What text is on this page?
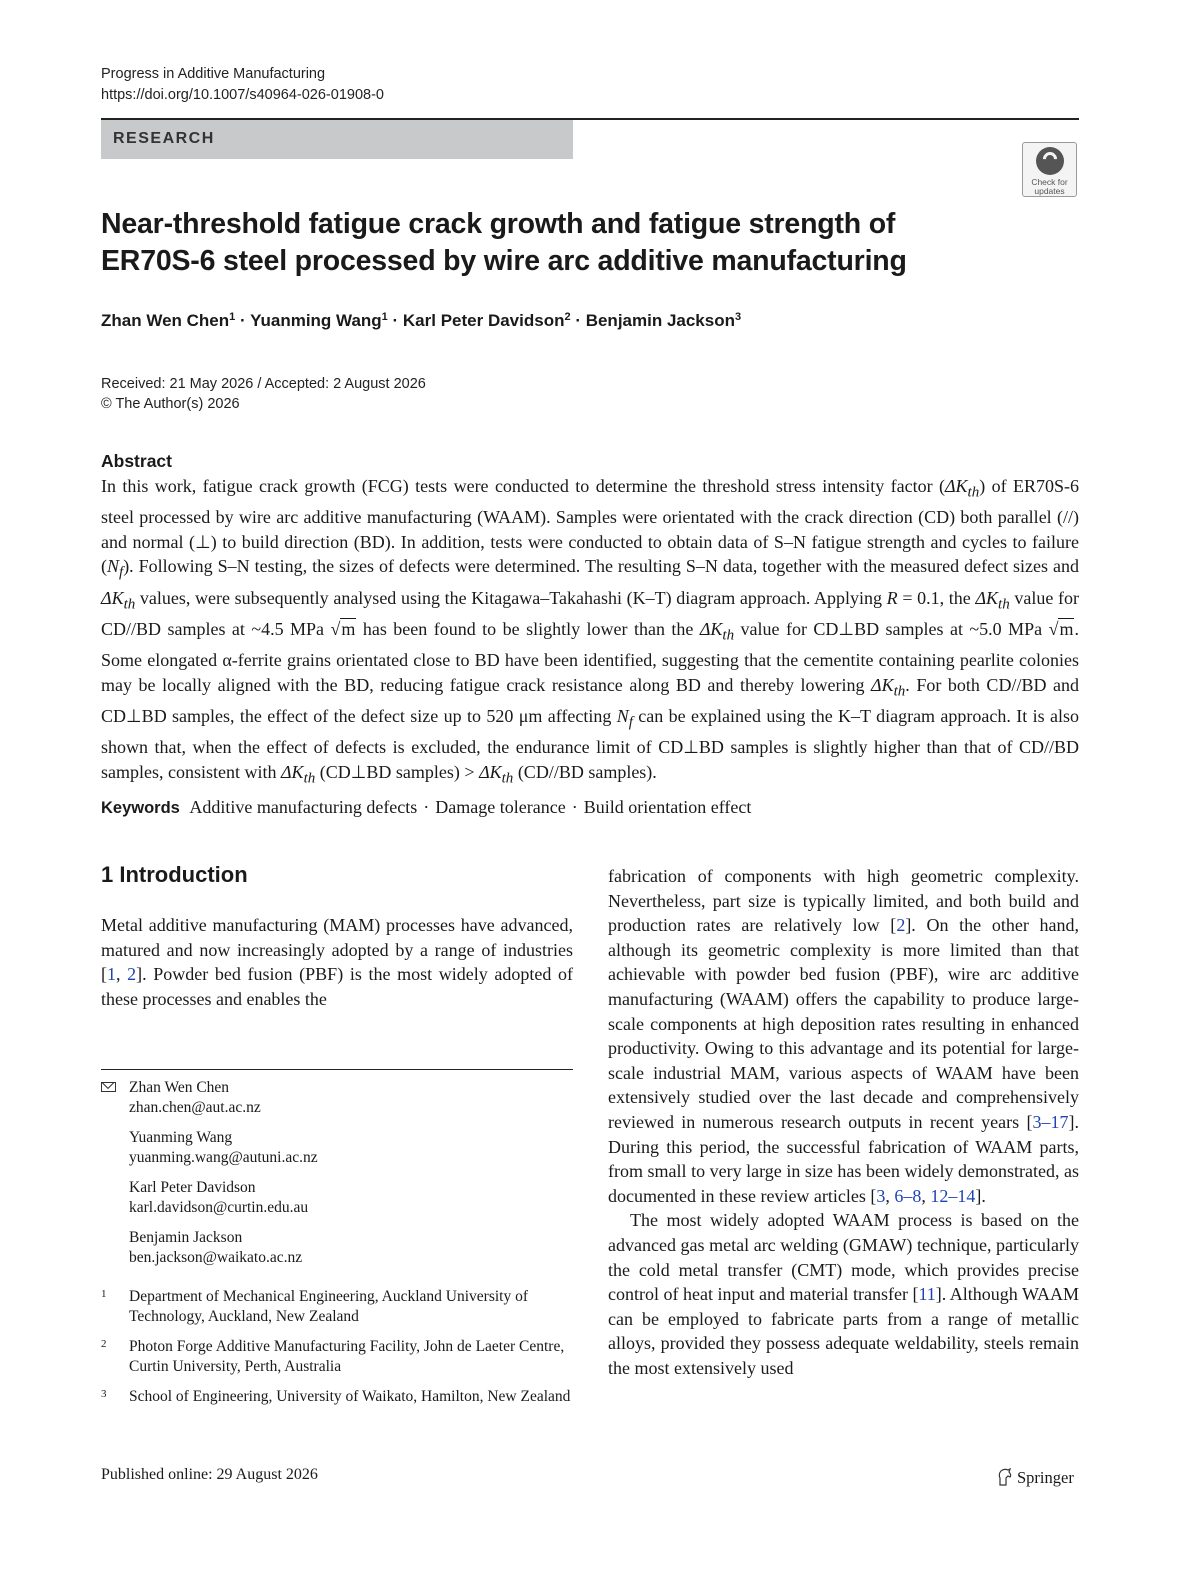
Progress in Additive Manufacturing
https://doi.org/10.1007/s40964-026-01908-0
RESEARCH
Check for
updates
Near-threshold fatigue crack growth and fatigue strength of ER70S-6 steel processed by wire arc additive manufacturing
Zhan Wen Chen$^1$ · Yuanming Wang$^1$ · Karl Peter Davidson$^2$ · Benjamin Jackson$^3$
Received: 21 May 2026 / Accepted: 2 August 2026
© The Author(s) 2026
Abstract
In this work, fatigue crack growth (FCG) tests were conducted to determine the threshold stress intensity factor $(\Delta K_{th})$ of ER70S-6 steel processed by wire arc additive manufacturing (WAAM). Samples were orientated with the crack direction (CD) both parallel (//) and normal (⊥) to build direction (BD). In addition, tests were conducted to obtain data of S–N fatigue strength and cycles to failure $(N_f)$. Following S–N testing, the sizes of defects were determined. The resulting S–N data, together with the measured defect sizes and $\Delta K_{th}$ values, were subsequently analysed using the Kitagawa–Takahashi (K–T) diagram approach. Applying R = 0.1, the $\Delta K_{th}$ value for CD//BD samples at ~4.5 MPa √m has been found to be slightly lower than the $\Delta K_{th}$ value for CD⊥BD samples at ~5.0 MPa √m. Some elongated α-ferrite grains orientated close to BD have been identified, suggesting that the cementite containing pearlite colonies may be locally aligned with the BD, reducing fatigue crack resistance along BD and thereby lowering $\Delta K_{th}$. For both CD//BD and CD⊥BD samples, the effect of the defect size up to 520 μm affecting $N_f$ can be explained using the K–T diagram approach. It is also shown that, when the effect of defects is excluded, the endurance limit of CD⊥BD samples is slightly higher than that of CD//BD samples, consistent with $\Delta K_{th}$ (CD⊥BD samples) > $\Delta K_{th}$ (CD//BD samples).
Keywords Additive manufacturing defects · Damage tolerance · Build orientation effect
1 Introduction
Metal additive manufacturing (MAM) processes have advanced, matured and now increasingly adopted by a range of industries [1, 2]. Powder bed fusion (PBF) is the most widely adopted of these processes and enables the

fabrication of components with high geometric complexity. Nevertheless, part size is typically limited, and both build and production rates are relatively low [2]. On the other hand, although its geometric complexity is more limited than that achievable with powder bed fusion (PBF), wire arc additive manufacturing (WAAM) offers the capability to produce large-scale components at high deposition rates resulting in enhanced productivity. Owing to this advantage and its potential for large-scale industrial MAM, various aspects of WAAM have been extensively studied over the last decade and comprehensively reviewed in numerous research outputs in recent years [3–17]. During this period, the successful fabrication of WAAM parts, from small to very large in size has been widely demonstrated, as documented in these review articles [3, 6–8, 12–14].

The most widely adopted WAAM process is based on the advanced gas metal arc welding (GMAW) technique, particularly the cold metal transfer (CMT) mode, which provides precise control of heat input and material transfer [11]. Although WAAM can be employed to fabricate parts from a range of metallic alloys, provided they possess adequate weldability, steels remain the most extensively used

Zhan Wen Chen
zhan.chen@aut.ac.nz
Yuanming Wang
yuanming.wang@autuni.ac.nz
Karl Peter Davidson
karl.davidson@curtin.edu.au
Benjamin Jackson
ben.jackson@waikato.ac.nz
1 Department of Mechanical Engineering, Auckland University of Technology, Auckland, New Zealand
2 Photon Forge Additive Manufacturing Facility, John de Laeter Centre, Curtin University, Perth, Australia
3 School of Engineering, University of Waikato, Hamilton, New Zealand
Published online: 29 August 2026	Springer
